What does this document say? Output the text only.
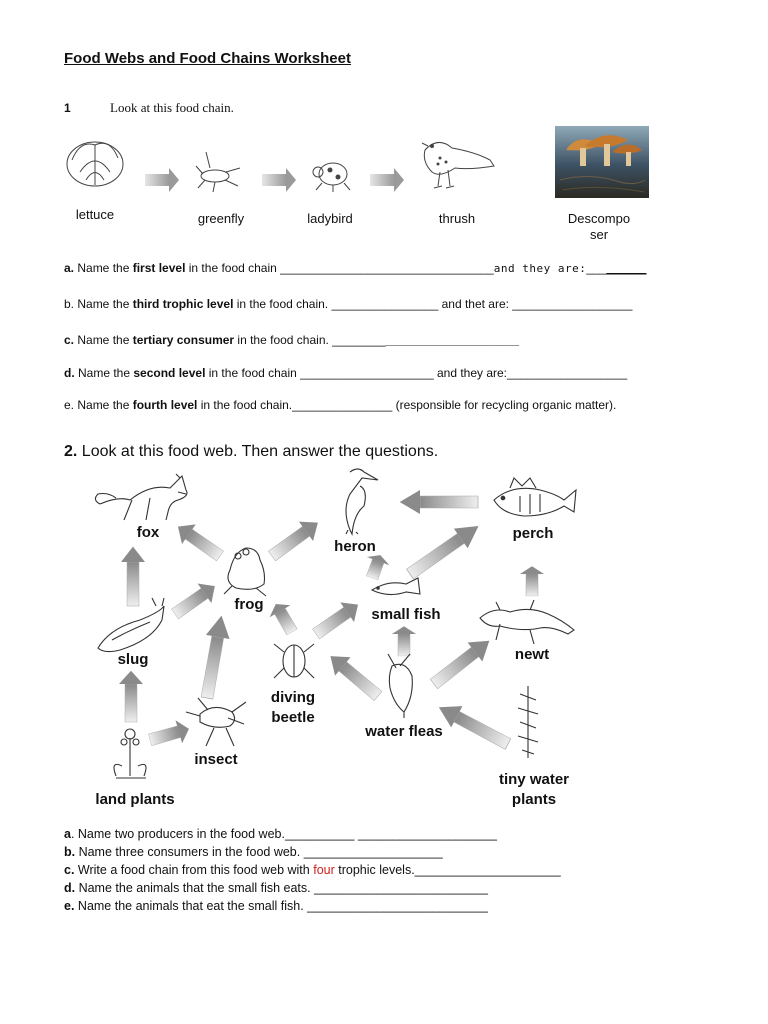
Food Webs and Food Chains Worksheet
1	Look at this food chain.
lettuce	greenfly	ladybird	thrush	Descompo
ser
a. Name the first level in the food chain ________________________________and they are:_________
b. Name the third trophic level in the food chain. ________________ and thet are: __________________
c. Name the tertiary consumer in the food chain. ____________________________
d. Name the second level in the food chain ____________________ and they are:__________________
e. Name the fourth level in the food chain._______________ (responsible for recycling organic matter).
2. Look at this food web. Then answer the questions.
fox
heron
perch
frog
small fish
slug	newt
diving
beetle
water fleas
insect
tiny water
plants
land plants
a. Name two producers in the food web.__________ ____________________
b. Name three consumers in the food web. ____________________
c. Write a food chain from this food web with four trophic levels._____________________
d. Name the animals that the small fish eats. _________________________
e. Name the animals that eat the small fish. __________________________
